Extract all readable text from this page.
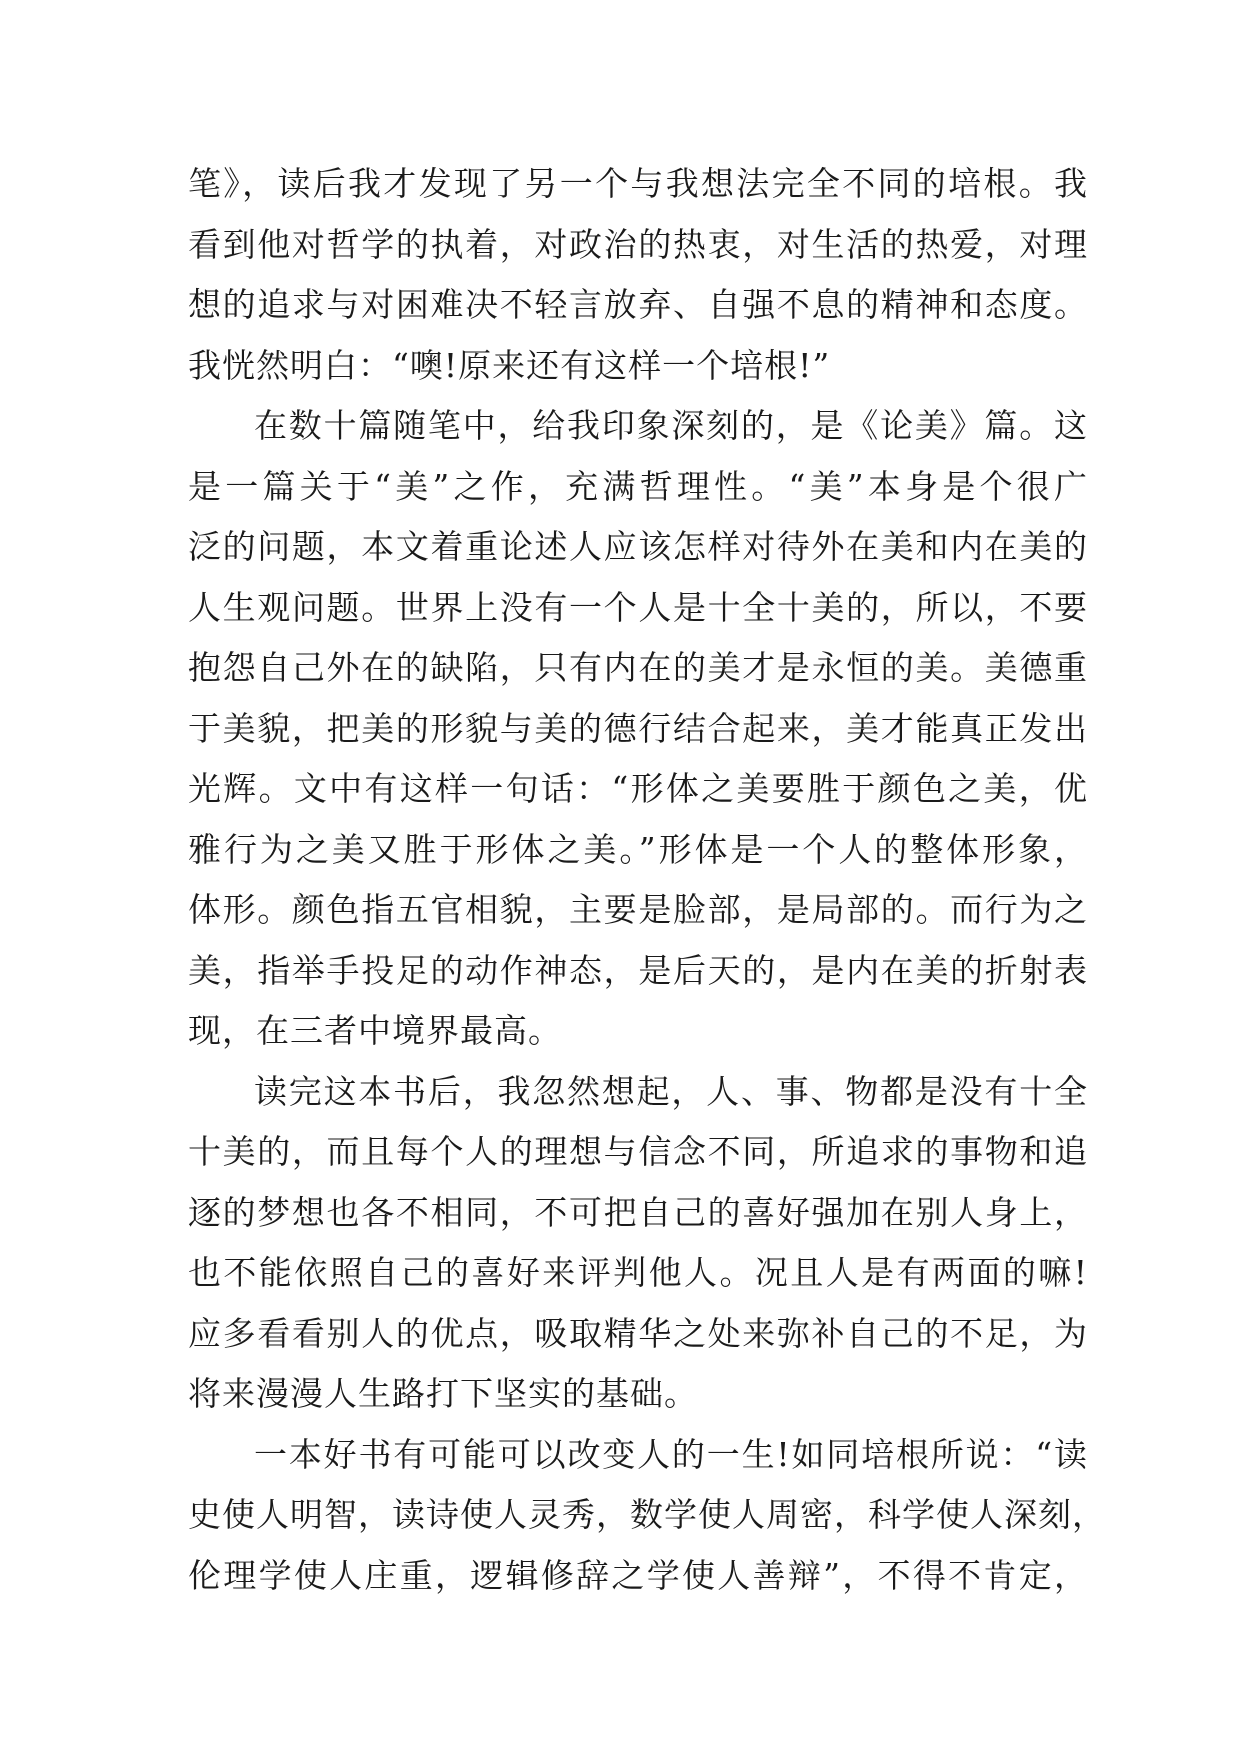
笔》，读后我才发现了另一个与我想法完全不同的培根。我
看到他对哲学的执着，对政治的热衷，对生活的热爱，对理
想的追求与对困难决不轻言放弃、自强不息的精神和态度。
我恍然明白：“噢!原来还有这样一个培根!”
在数十篇随笔中，给我印象深刻的，是《论美》篇。这
是一篇关于“美”之作，充满哲理性。“美”本身是个很广
泛的问题，本文着重论述人应该怎样对待外在美和内在美的
人生观问题。世界上没有一个人是十全十美的，所以，不要
抱怨自己外在的缺陷，只有内在的美才是永恒的美。美德重
于美貌，把美的形貌与美的德行结合起来，美才能真正发出
光辉。文中有这样一句话：“形体之美要胜于颜色之美，优
雅行为之美又胜于形体之美。”形体是一个人的整体形象，
体形。颜色指五官相貌，主要是脸部，是局部的。而行为之
美，指举手投足的动作神态，是后天的，是内在美的折射表
现，在三者中境界最高。
读完这本书后，我忽然想起，人、事、物都是没有十全
十美的，而且每个人的理想与信念不同，所追求的事物和追
逐的梦想也各不相同，不可把自己的喜好强加在别人身上，
也不能依照自己的喜好来评判他人。况且人是有两面的嘛!
应多看看别人的优点，吸取精华之处来弥补自己的不足，为
将来漫漫人生路打下坚实的基础。
一本好书有可能可以改变人的一生!如同培根所说：“读
史使人明智，读诗使人灵秀，数学使人周密，科学使人深刻，
伦理学使人庄重，逻辑修辞之学使人善辩”，不得不肯定，
